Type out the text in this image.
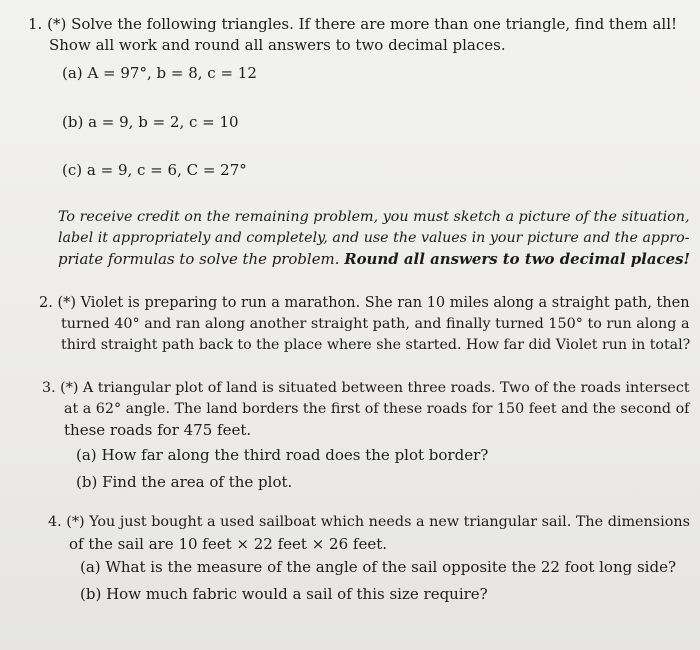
1. (*) Solve the following triangles. If there are more than one triangle, find them all!
Show all work and round all answers to two decimal places.
(a) A = 97°, b = 8, c = 12
(b) a = 9, b = 2, c = 10
(c) a = 9, c = 6, C = 27°
To receive credit on the remaining problem, you must sketch a picture of the situation,
label it appropriately and completely, and use the values in your picture and the appro-
priate formulas to solve the problem. Round all answers to two decimal places!
2. (*) Violet is preparing to run a marathon. She ran 10 miles along a straight path, then
turned 40° and ran along another straight path, and finally turned 150° to run along a
third straight path back to the place where she started. How far did Violet run in total?
3. (*) A triangular plot of land is situated between three roads. Two of the roads intersect
at a 62° angle. The land borders the first of these roads for 150 feet and the second of
these roads for 475 feet.
(a) How far along the third road does the plot border?
(b) Find the area of the plot.
4. (*) You just bought a used sailboat which needs a new triangular sail. The dimensions
of the sail are 10 feet × 22 feet × 26 feet.
(a) What is the measure of the angle of the sail opposite the 22 foot long side?
(b) How much fabric would a sail of this size require?
